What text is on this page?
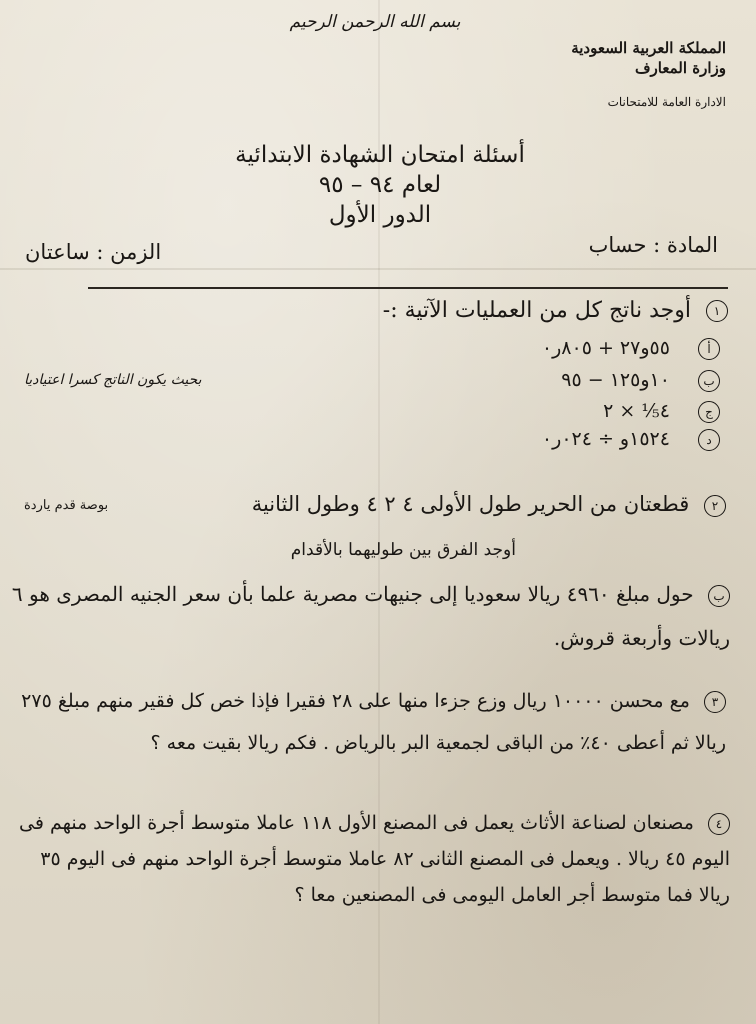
بسم الله الرحمن الرحيم
المملكة العربية السعودية
وزارة المعارف
الادارة العامة للامتحانات
أسئلة امتحان الشهادة الابتدائية
لعام ٩٤ – ٩٥
الدور الأول
المادة : حساب
الزمن : ساعتان
١ أوجد ناتج كل من العمليات الآتية :-
أ ٥٥و٢٧ + ٨٠٥ر٠
ب ١٠و١٢٥ − ٩٥
ج ٤⅕ × ٢
د ١٥٢٤و ÷ ٠٢٤ر٠
بحيث يكون الناتج كسرا اعتياديا
٢ قطعتان من الحرير طول الأولى ٤ ٢ ٤ وطول الثانية
بوصة قدم ياردة
أوجد الفرق بين طوليهما بالأقدام
ب حول مبلغ ٤٩٦٠ ريالا سعوديا إلى جنيهات مصرية علما بأن سعر الجنيه المصرى هو ٦ ريالات وأربعة قروش.
٣ مع محسن ١٠٠٠٠ ريال وزع جزءا منها على ٢٨ فقيرا فإذا خص كل فقير منهم مبلغ ٢٧٥ ريالا ثم أعطى ٤٠٪ من الباقى لجمعية البر بالرياض . فكم ريالا بقيت معه ؟
٤ مصنعان لصناعة الأثاث يعمل فى المصنع الأول ١١٨ عاملا متوسط أجرة الواحد منهم فى اليوم ٤٥ ريالا . ويعمل فى المصنع الثانى ٨٢ عاملا متوسط أجرة الواحد منهم فى اليوم ٣٥ ريالا فما متوسط أجر العامل اليومى فى المصنعين معا ؟
